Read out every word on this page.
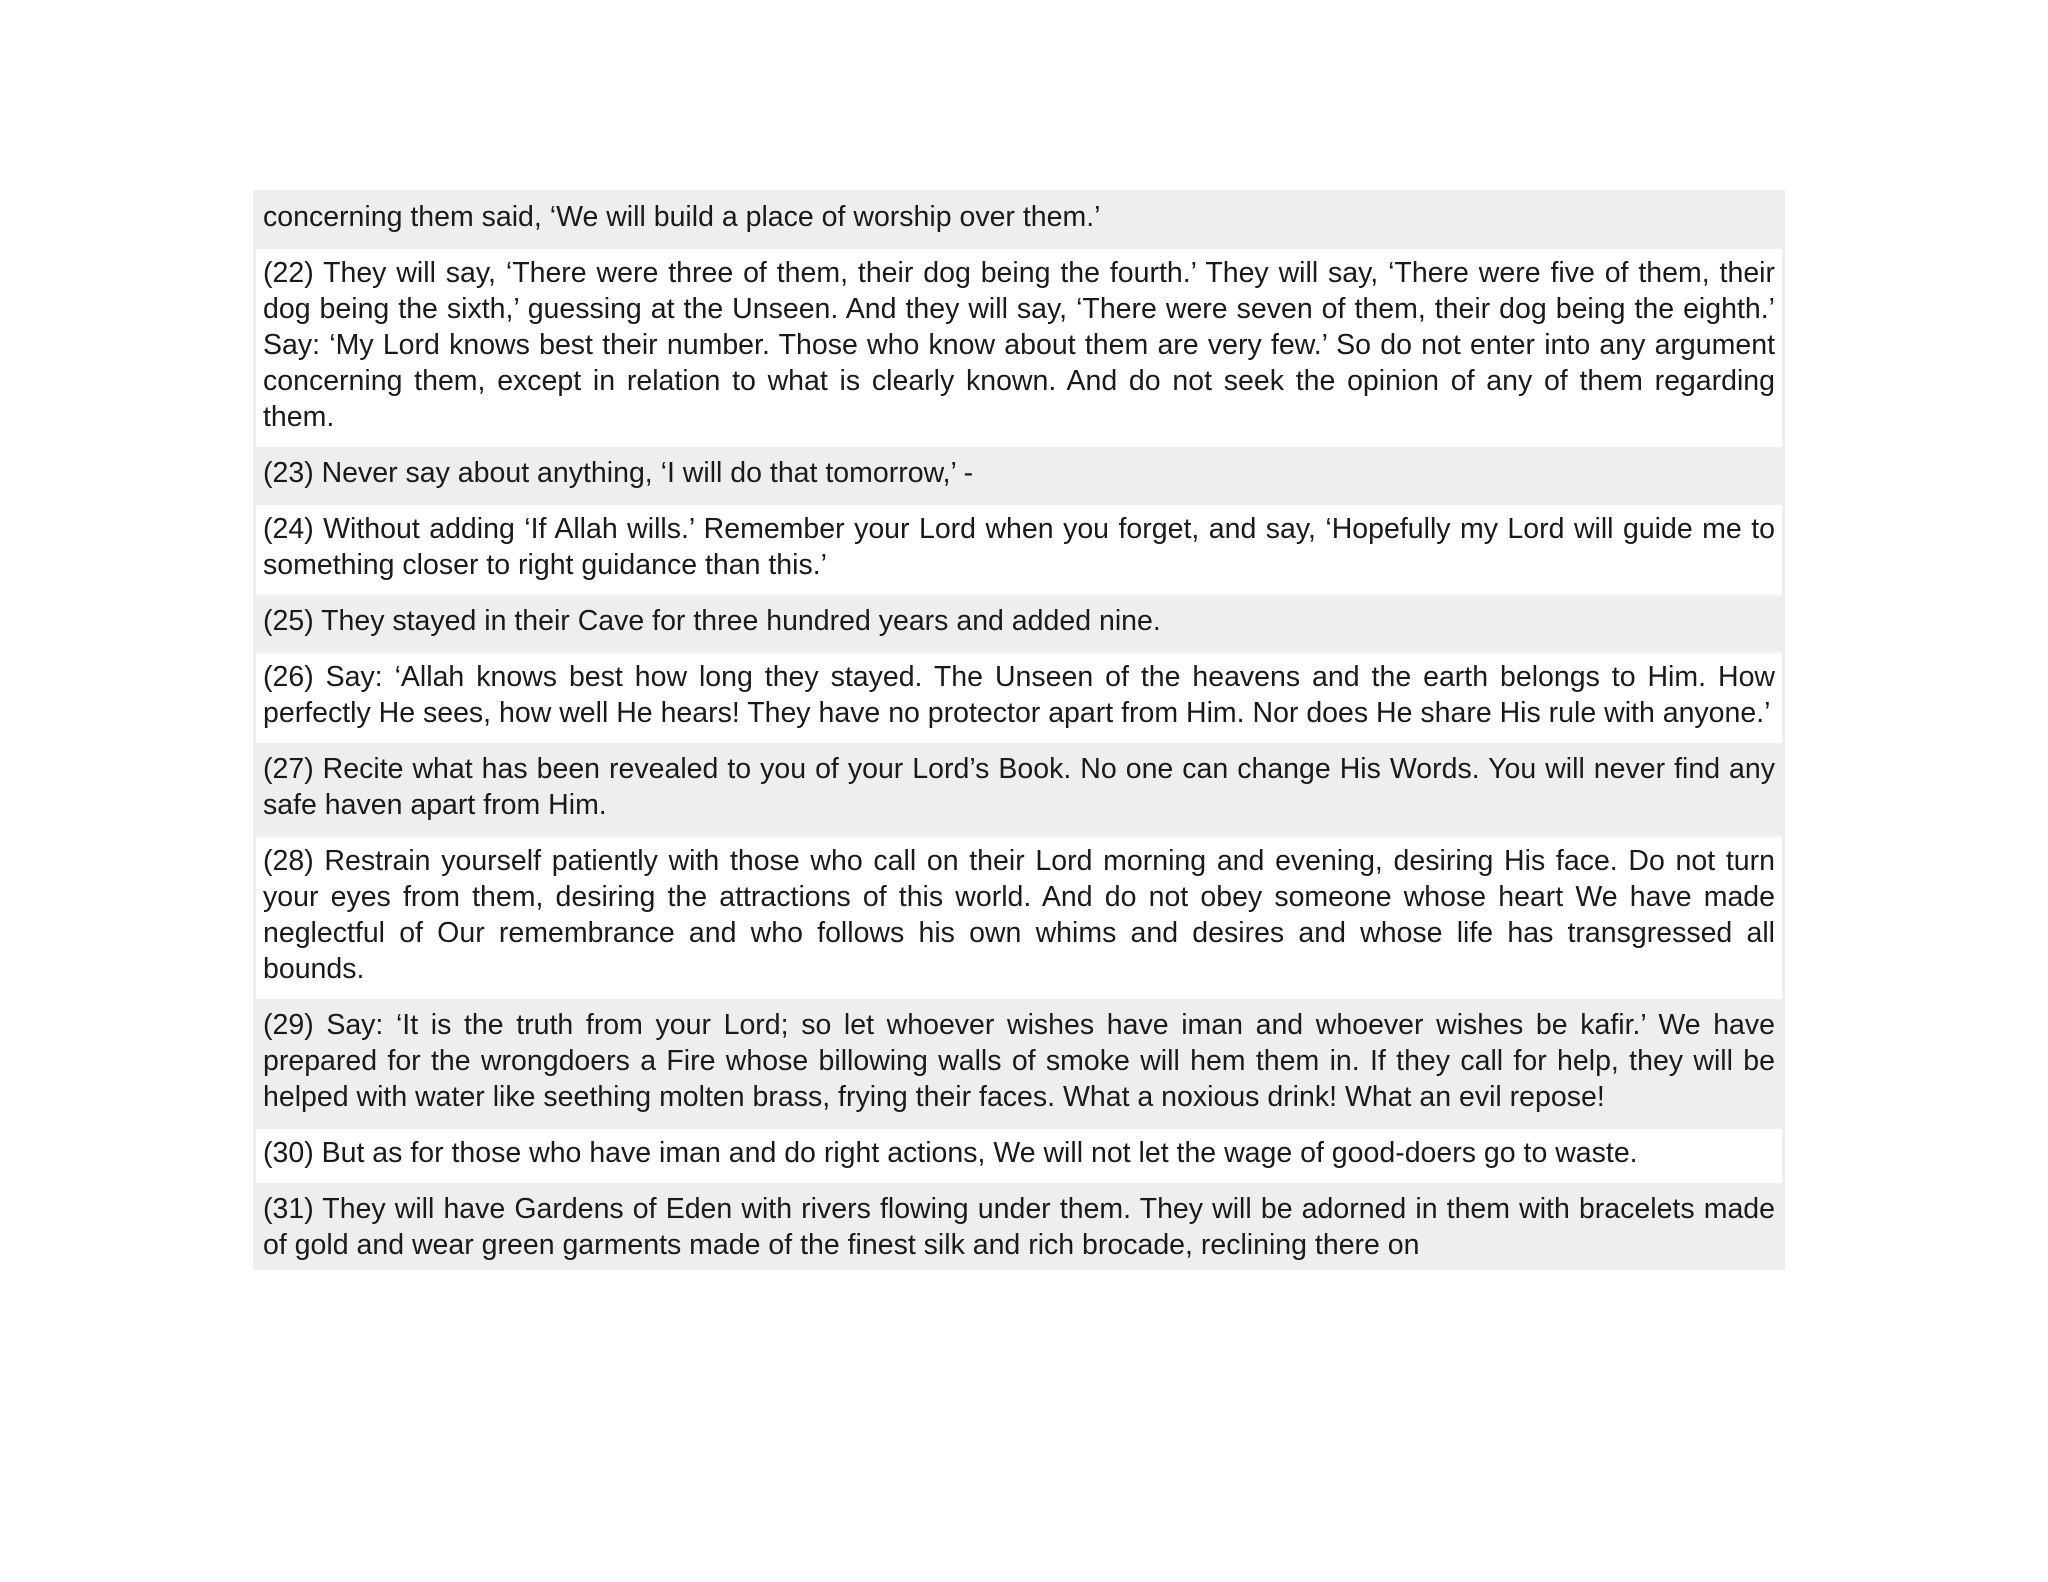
concerning them said, ‘We will build a place of worship over them.’
(22) They will say, ‘There were three of them, their dog being the fourth.’ They will say, ‘There were five of them, their dog being the sixth,’ guessing at the Unseen. And they will say, ‘There were seven of them, their dog being the eighth.’ Say: ‘My Lord knows best their number. Those who know about them are very few.’ So do not enter into any argument concerning them, except in relation to what is clearly known. And do not seek the opinion of any of them regarding them.
(23) Never say about anything, ‘I will do that tomorrow,’ -
(24) Without adding ‘If Allah wills.’ Remember your Lord when you forget, and say, ‘Hopefully my Lord will guide me to something closer to right guidance than this.’
(25) They stayed in their Cave for three hundred years and added nine.
(26) Say: ‘Allah knows best how long they stayed. The Unseen of the heavens and the earth belongs to Him. How perfectly He sees, how well He hears! They have no protector apart from Him. Nor does He share His rule with anyone.’
(27) Recite what has been revealed to you of your Lord’s Book. No one can change His Words. You will never find any safe haven apart from Him.
(28) Restrain yourself patiently with those who call on their Lord morning and evening, desiring His face. Do not turn your eyes from them, desiring the attractions of this world. And do not obey someone whose heart We have made neglectful of Our remembrance and who follows his own whims and desires and whose life has transgressed all bounds.
(29) Say: ‘It is the truth from your Lord; so let whoever wishes have iman and whoever wishes be kafir.’ We have prepared for the wrongdoers a Fire whose billowing walls of smoke will hem them in. If they call for help, they will be helped with water like seething molten brass, frying their faces. What a noxious drink! What an evil repose!
(30) But as for those who have iman and do right actions, We will not let the wage of good-doers go to waste.
(31) They will have Gardens of Eden with rivers flowing under them. They will be adorned in them with bracelets made of gold and wear green garments made of the finest silk and rich brocade, reclining there on
